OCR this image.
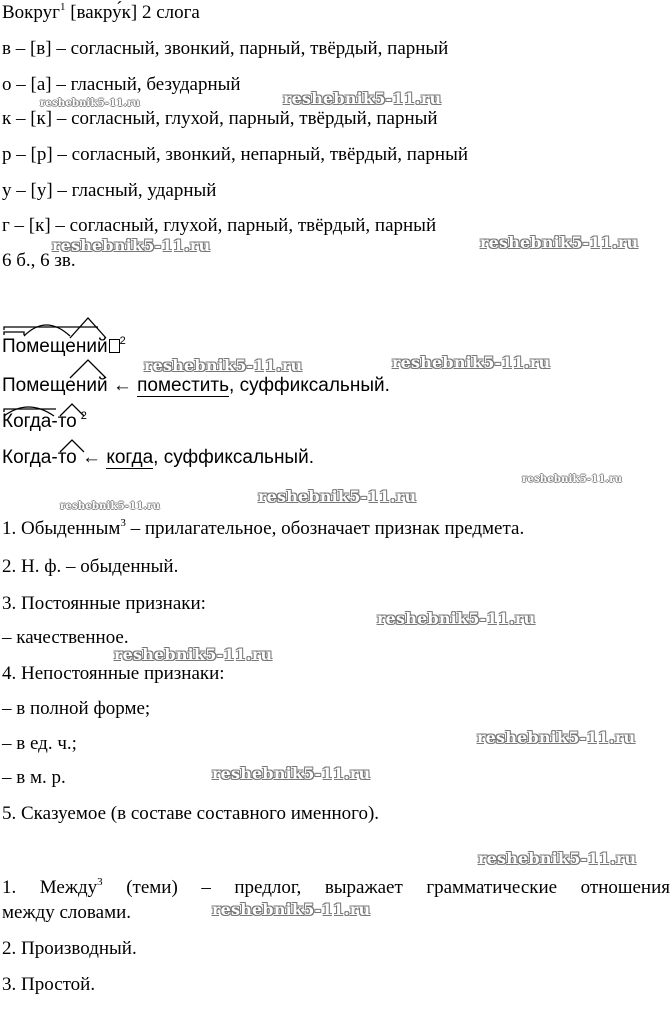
Вокруг$^1$ [вакру́к] 2 слога
в – [в] – согласный, звонкий, парный, твёрдый, парный
о – [а] – гласный, безударный
к – [к] – согласный, глухой, парный, твёрдый, парный
р – [р] – согласный, звонкий, непарный, твёрдый, парный
у – [у] – гласный, ударный
г – [к] – согласный, глухой, парный, твёрдый, парный
6 б., 6 зв.
Помещений $^2$
Помещений ← поместить, суффиксальный.
Когда-то $^2$
Когда-то ← когда, суффиксальный.
1. Обыденным$^3$ – прилагательное, обозначает признак предмета.
2. Н. ф. – обыденный.
3. Постоянные признаки:
– качественное.
4. Непостоянные признаки:
– в полной форме;
– в ед. ч.;
– в м. р.
5. Сказуемое (в составе составного именного).
1. Между$^3$ (теми) – предлог, выражает грамматические отношения
между словами.
2. Производный.
3. Простой.
reshebnik5-11.ru
reshebnik5-11.ru
reshebnik5-11.ru	reshebnik5-11.ru
reshebnik5-11.ru	reshebnik5-11.ru
reshebnik5-11.ru
reshebnik5-11.ru
reshebnik5-11.ru
reshebnik5-11.ru
reshebnik5-11.ru
reshebnik5-11.ru
reshebnik5-11.ru
reshebnik5-11.ru
reshebnik5-11.ru
